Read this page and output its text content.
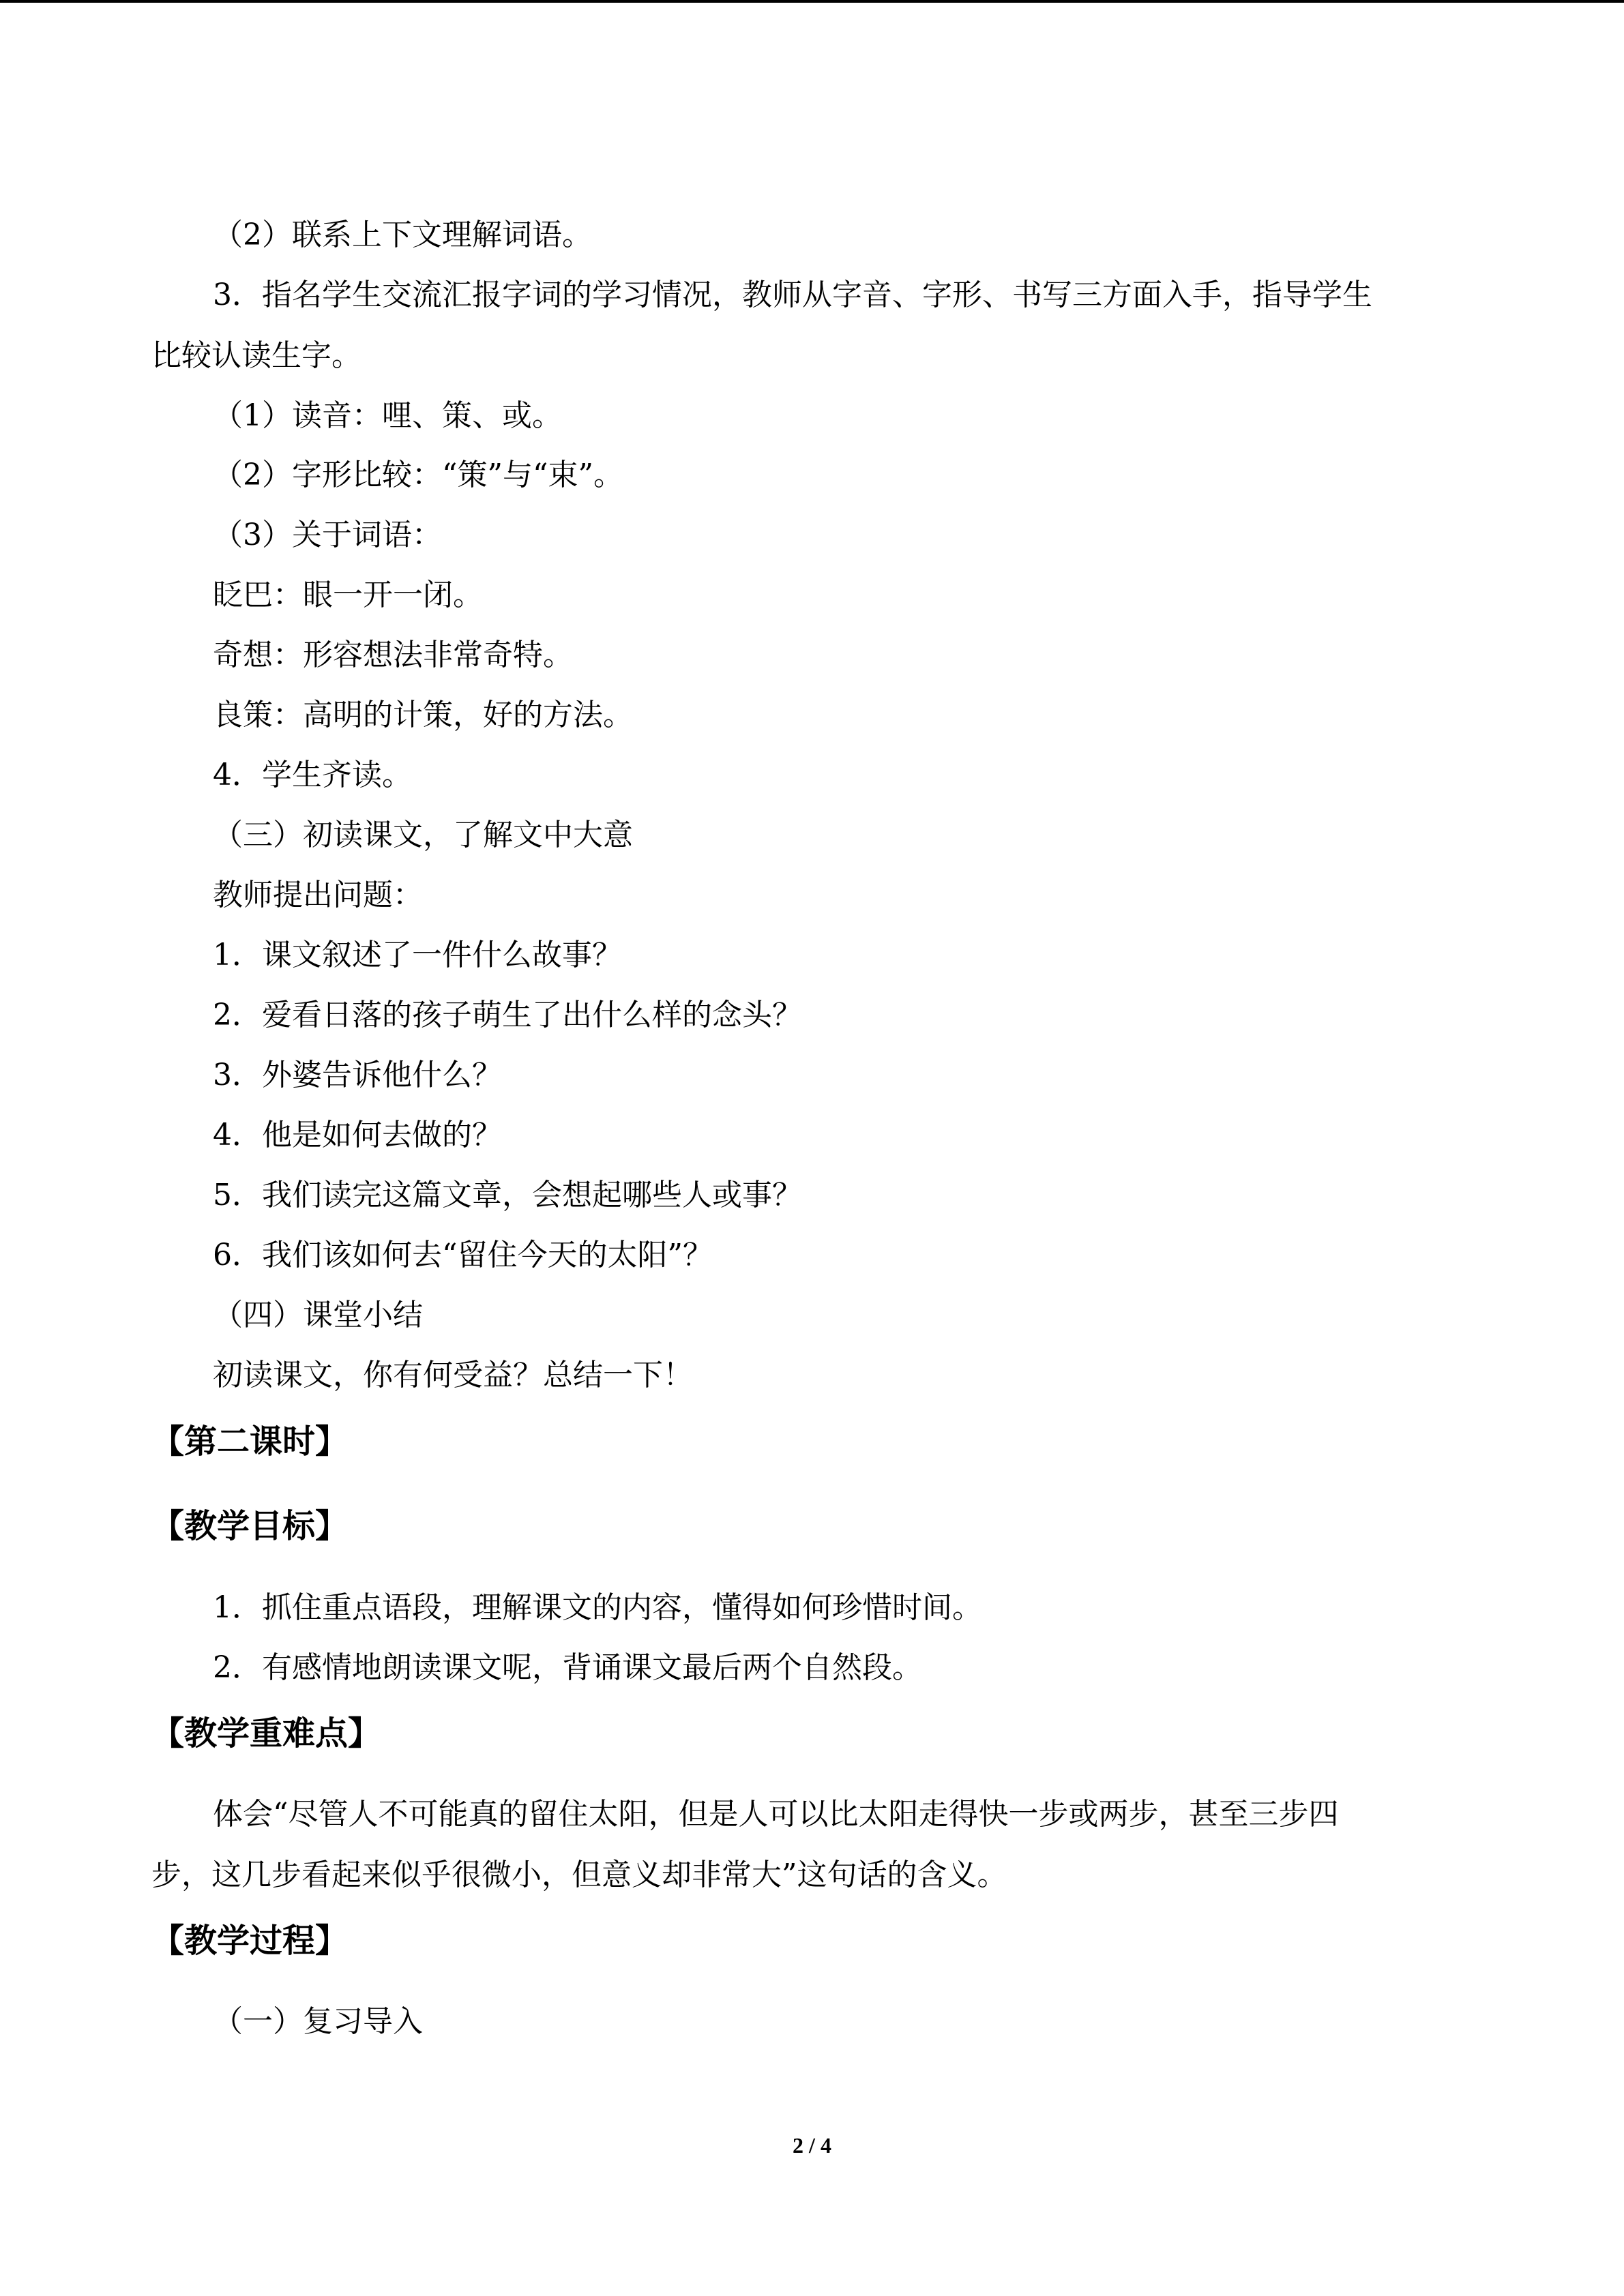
（2）联系上下文理解词语。
3．指名学生交流汇报字词的学习情况，教师从字音、字形、书写三方面入手，指导学生
比较认读生字。
（1）读音：哩、策、或。
（2）字形比较：“策”与“束”。
（3）关于词语：
眨巴：眼一开一闭。
奇想：形容想法非常奇特。
良策：高明的计策，好的方法。
4．学生齐读。
（三）初读课文，了解文中大意
教师提出问题：
1．课文叙述了一件什么故事？
2．爱看日落的孩子萌生了出什么样的念头？
3．外婆告诉他什么？
4．他是如何去做的？
5．我们读完这篇文章，会想起哪些人或事？
6．我们该如何去“留住今天的太阳”？
（四）课堂小结
初读课文，你有何受益？总结一下！
【第二课时】
【教学目标】
1．抓住重点语段，理解课文的内容，懂得如何珍惜时间。
2．有感情地朗读课文呢，背诵课文最后两个自然段。
【教学重难点】
体会“尽管人不可能真的留住太阳，但是人可以比太阳走得快一步或两步，甚至三步四
步，这几步看起来似乎很微小，但意义却非常大”这句话的含义。
【教学过程】
（一）复习导入
2 / 4
